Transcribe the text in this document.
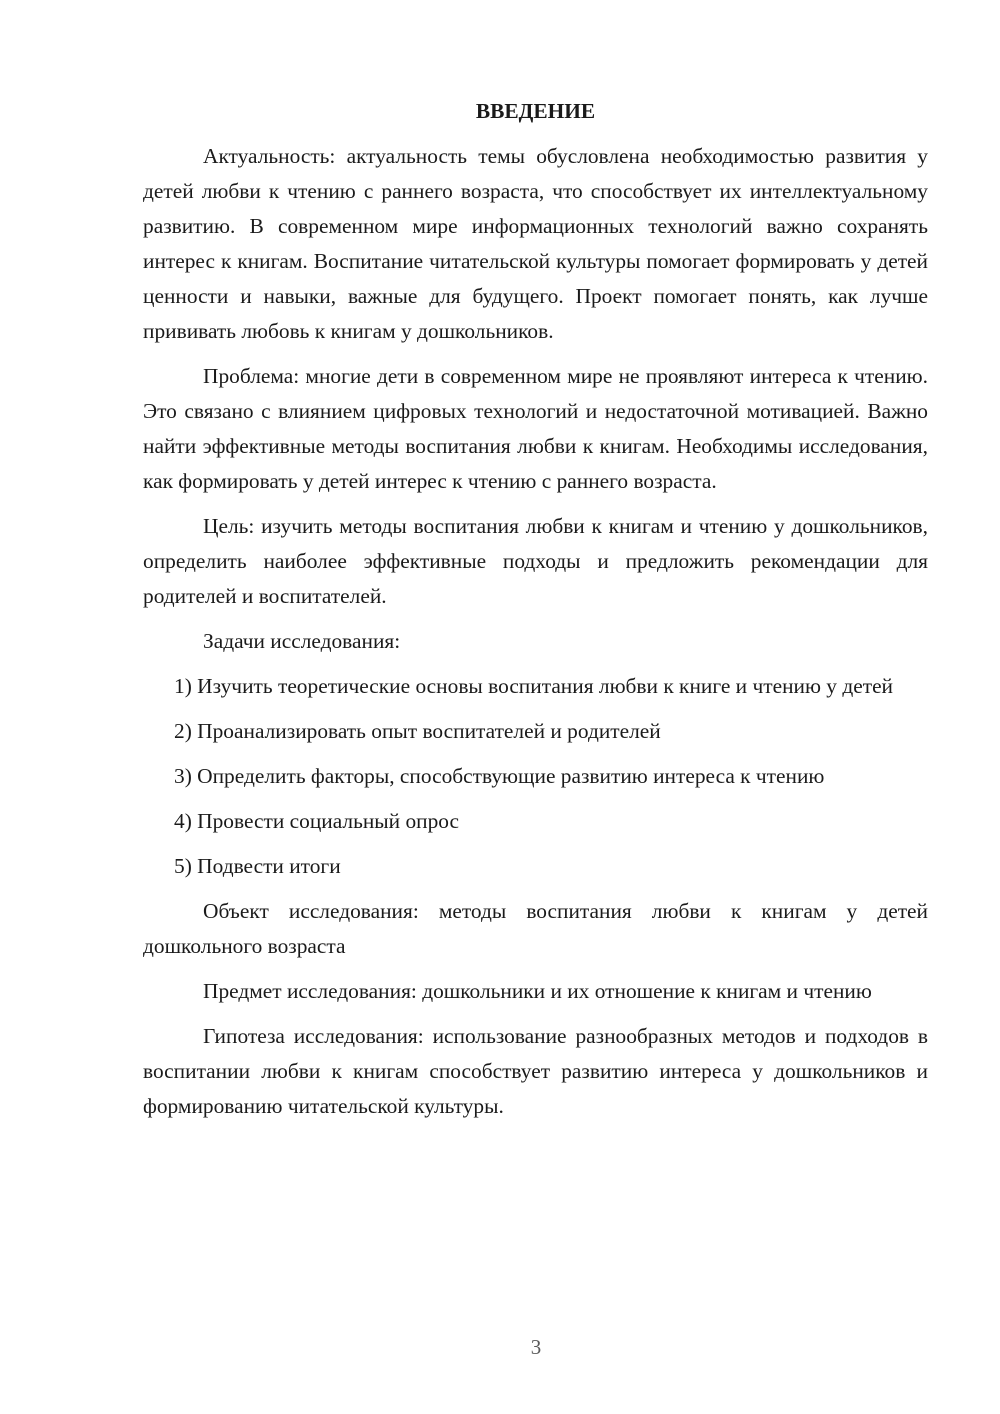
ВВЕДЕНИЕ

Актуальность: актуальность темы обусловлена необходимостью развития у детей любви к чтению с раннего возраста, что способствует их интеллектуальному развитию. В современном мире информационных технологий важно сохранять интерес к книгам. Воспитание читательской культуры помогает формировать у детей ценности и навыки, важные для будущего. Проект помогает понять, как лучше прививать любовь к книгам у дошкольников.

Проблема: многие дети в современном мире не проявляют интереса к чтению. Это связано с влиянием цифровых технологий и недостаточной мотивацией. Важно найти эффективные методы воспитания любви к книгам. Необходимы исследования, как формировать у детей интерес к чтению с раннего возраста.

Цель: изучить методы воспитания любви к книгам и чтению у дошкольников, определить наиболее эффективные подходы и предложить рекомендации для родителей и воспитателей.

Задачи исследования:

1) Изучить теоретические основы воспитания любви к книге и чтению у детей

2) Проанализировать опыт воспитателей и родителей

3) Определить факторы, способствующие развитию интереса к чтению

4) Провести социальный опрос

5) Подвести итоги

Объект исследования: методы воспитания любви к книгам у детей дошкольного возраста

Предмет исследования: дошкольники и их отношение к книгам и чтению

Гипотеза исследования: использование разнообразных методов и подходов в воспитании любви к книгам способствует развитию интереса у дошкольников и формированию читательской культуры.

3
